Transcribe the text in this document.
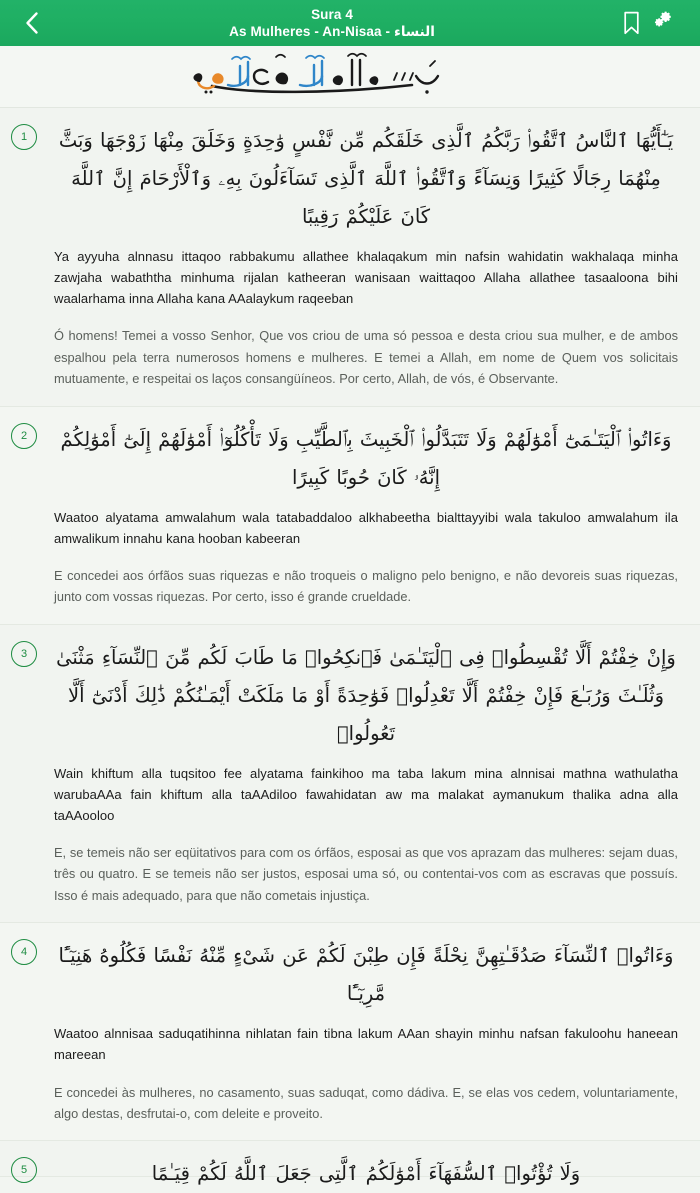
Sura 4
As Mulheres - An-Nisaa - النساء
1	يَـٰٓأَيُّهَا ٱلنَّاسُ ٱتَّقُوا۟ رَبَّكُمُ ٱلَّذِى خَلَقَكُم مِّن نَّفْسٍ وَٰحِدَةٍ وَخَلَقَ مِنْهَا زَوْجَهَا وَبَثَّ مِنْهُمَا رِجَالًا كَثِيرًا وَنِسَآءً وَٱتَّقُوا۟ ٱللَّهَ ٱلَّذِى تَسَآءَلُونَ بِهِۦ وَٱلْأَرْحَامَ إِنَّ ٱللَّهَ كَانَ عَلَيْكُمْ رَقِيبًا
Ya ayyuha alnnasu ittaqoo rabbakumu allathee khalaqakum min nafsin wahidatin wakhalaqa minha zawjaha wabaththa minhuma rijalan katheeran wanisaan waittaqoo Allaha allathee tasaaloona bihi waalarhama inna Allaha kana AAalaykum raqeeban
Ó homens! Temei a vosso Senhor, Que vos criou de uma só pessoa e desta criou sua mulher, e de ambos espalhou pela terra numerosos homens e mulheres. E temei a Allah, em nome de Quem vos solicitais mutuamente, e respeitai os laços consangüíneos. Por certo, Allah, de vós, é Observante.
2	وَءَاتُوا۟ ٱلْيَتَـٰمَىٰٓ أَمْوَٰلَهُمْ وَلَا تَتَبَدَّلُوا۟ ٱلْخَبِيثَ بِٱلطَّيِّبِ وَلَا تَأْكُلُوٓا۟ أَمْوَٰلَهُمْ إِلَىٰٓ أَمْوَٰلِكُمْ إِنَّهُۥ كَانَ حُوبًا كَبِيرًا
Waatoo alyatama amwalahum wala tatabaddaloo alkhabeetha bialttayyibi wala takuloo amwalahum ila amwalikum innahu kana hooban kabeeran
E concedei aos órfãos suas riquezas e não troqueis o maligno pelo benigno, e não devoreis suas riquezas, junto com vossas riquezas. Por certo, isso é grande crueldade.
3	وَإِنْ خِفْتُمْ أَلَّا تُقْسِطُوا۟ فِى ٱلْيَتَـٰمَىٰ فَٱنكِحُوا۟ مَا طَابَ لَكُم مِّنَ ٱلنِّسَآءِ مَثْنَىٰ وَثُلَـٰثَ وَرُبَـٰعَ فَإِنْ خِفْتُمْ أَلَّا تَعْدِلُوا۟ فَوَٰحِدَةً أَوْ مَا مَلَكَتْ أَيْمَـٰنُكُمْ ذَٰلِكَ أَدْنَىٰٓ أَلَّا تَعُولُوا۟
Wain khiftum alla tuqsitoo fee alyatama fainkihoo ma taba lakum mina alnnisai mathna wathulatha warubaAAa fain khiftum alla taAAdiloo fawahidatan aw ma malakat aymanukum thalika adna alla taAAooloo
E, se temeis não ser eqüitativos para com os órfãos, esposai as que vos aprazam das mulheres: sejam duas, três ou quatro. E se temeis não ser justos, esposai uma só, ou contentai-vos com as escravas que possuís. Isso é mais adequado, para que não cometais injustiça.
4	وَءَاتُوا۟ ٱلنِّسَآءَ صَدُقَـٰتِهِنَّ نِحْلَةً فَإِن طِبْنَ لَكُمْ عَن شَىْءٍ مِّنْهُ نَفْسًا فَكُلُوهُ هَنِيٓـًٔا مَّرِيٓـًٔا
Waatoo alnnisaa saduqatihinna nihlatan fain tibna lakum AAan shayin minhu nafsan fakuloohu haneean mareean
E concedei às mulheres, no casamento, suas saduqat, como dádiva. E, se elas vos cedem, voluntariamente, algo destas, desfrutai-o, com deleite e proveito.
5	وَلَا تُؤْتُوا۟ ٱلسُّفَهَآءَ أَمْوَٰلَكُمُ ٱلَّتِى جَعَلَ ٱللَّهُ لَكُمْ قِيَـٰمًا
